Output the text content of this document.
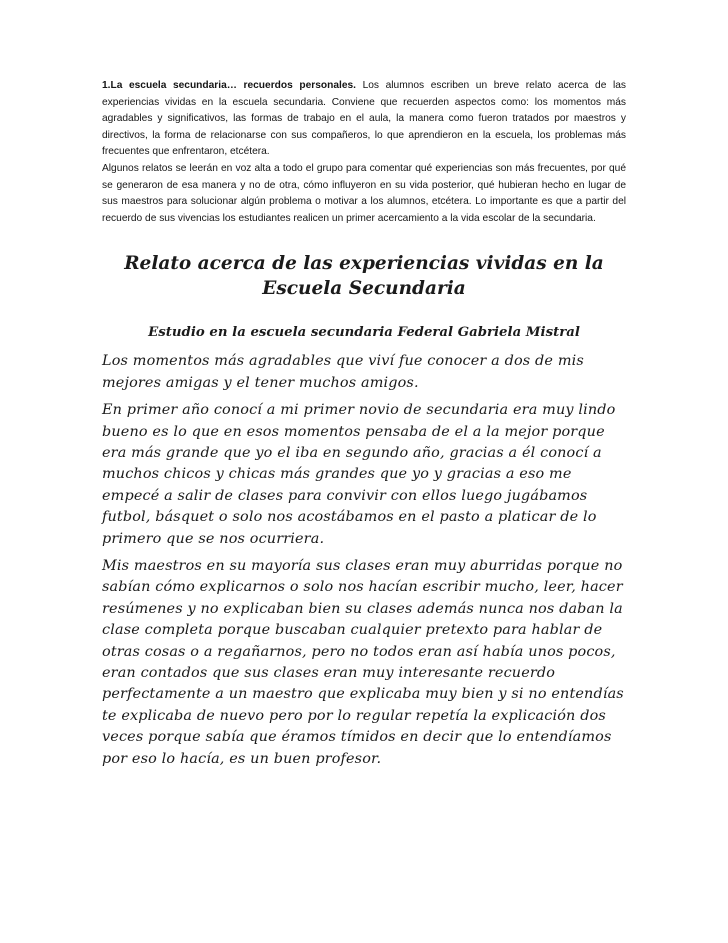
1.La escuela secundaria… recuerdos personales. Los alumnos escriben un breve relato acerca de las experiencias vividas en la escuela secundaria. Conviene que recuerden aspectos como: los momentos más agradables y significativos, las formas de trabajo en el aula, la manera como fueron tratados por maestros y directivos, la forma de relacionarse con sus compañeros, lo que aprendieron en la escuela, los problemas más frecuentes que enfrentaron, etcétera.
Algunos relatos se leerán en voz alta a todo el grupo para comentar qué experiencias son más frecuentes, por qué se generaron de esa manera y no de otra, cómo influyeron en su vida posterior, qué hubieran hecho en lugar de sus maestros para solucionar algún problema o motivar a los alumnos, etcétera. Lo importante es que a partir del recuerdo de sus vivencias los estudiantes realicen un primer acercamiento a la vida escolar de la secundaria.

Relato acerca de las experiencias vividas en la Escuela Secundaria
Estudio en la escuela secundaria Federal Gabriela Mistral

Los momentos más agradables que viví fue conocer a dos de mis mejores amigas y el tener muchos amigos.

En primer año conocí a mi primer novio de secundaria era muy lindo bueno es lo que en esos momentos pensaba de el a la mejor porque era más grande que yo el iba en segundo año, gracias a él conocí a muchos chicos y chicas más grandes que yo y gracias a eso me empecé a salir de clases para convivir con ellos luego jugábamos futbol, básquet o solo nos acostábamos en el pasto a platicar de lo primero que se nos ocurriera.

Mis maestros en su mayoría sus clases eran muy aburridas porque no sabían cómo explicarnos o solo nos hacían escribir mucho, leer, hacer resúmenes y no explicaban bien su clases además nunca nos daban la clase completa porque buscaban cualquier pretexto para hablar de otras cosas o a regañarnos, pero no todos eran así había unos pocos, eran contados que sus clases eran muy interesante recuerdo perfectamente a un maestro que explicaba muy bien y si no entendías te explicaba de nuevo pero por lo regular repetía la explicación dos veces porque sabía que éramos tímidos en decir que lo entendíamos por eso lo hacía, es un buen profesor.
